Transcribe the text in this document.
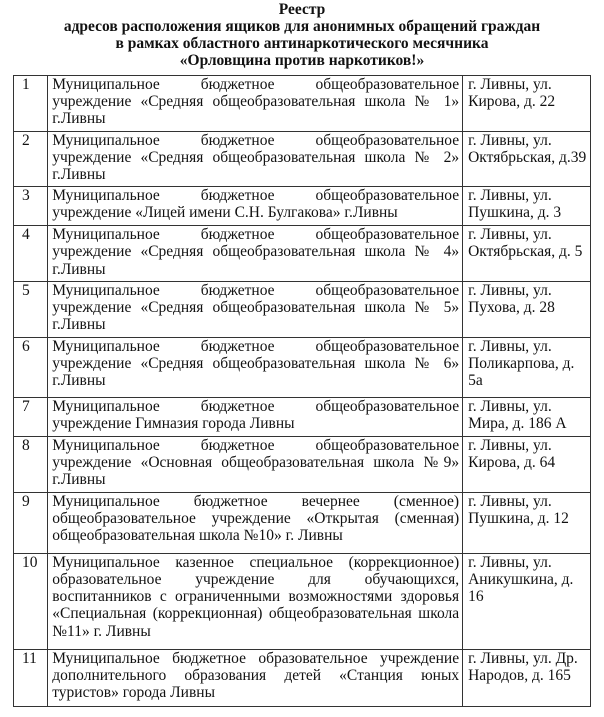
Реестр
адресов расположения ящиков для анонимных обращений граждан
в рамках областного антинаркотического месячника
«Орловщина против наркотиков!»
1	Муниципальное бюджетное общеобразовательное учреждение «Средняя общеобразовательная школа № 1» г.Ливны	г. Ливны, ул. Кирова, д. 22
2	Муниципальное бюджетное общеобразовательное учреждение «Средняя общеобразовательная школа № 2» г.Ливны	г. Ливны, ул. Октябрьская, д.39
3	Муниципальное бюджетное общеобразовательное учреждение «Лицей имени С.Н. Булгакова» г.Ливны	г. Ливны, ул. Пушкина, д. 3
4	Муниципальное бюджетное общеобразовательное учреждение «Средняя общеобразовательная школа № 4» г.Ливны	г. Ливны, ул. Октябрьская, д. 5
5	Муниципальное бюджетное общеобразовательное учреждение «Средняя общеобразовательная школа № 5» г.Ливны	г. Ливны, ул. Пухова, д. 28
6	Муниципальное бюджетное общеобразовательное учреждение «Средняя общеобразовательная школа № 6» г.Ливны	г. Ливны, ул. Поликарпова, д. 5а
7	Муниципальное бюджетное общеобразовательное учреждение Гимназия города Ливны	г. Ливны, ул. Мира, д. 186 А
8	Муниципальное бюджетное общеобразовательное учреждение «Основная общеобразовательная школа №9» г.Ливны	г. Ливны, ул. Кирова, д. 64
9	Муниципальное бюджетное вечернее (сменное) общеобразовательное учреждение «Открытая (сменная) общеобразовательная школа №10» г. Ливны	г. Ливны, ул. Пушкина, д. 12
10	Муниципальное казенное специальное (коррекционное) образовательное учреждение для обучающихся, воспитанников с ограниченными возможностями здоровья «Специальная (коррекционная) общеобразовательная школа №11» г. Ливны	г. Ливны, ул. Аникушкина, д. 16
11	Муниципальное бюджетное образовательное учреждение дополнительного образования детей «Станция юных туристов» города Ливны	г. Ливны, ул. Др. Народов, д. 165
